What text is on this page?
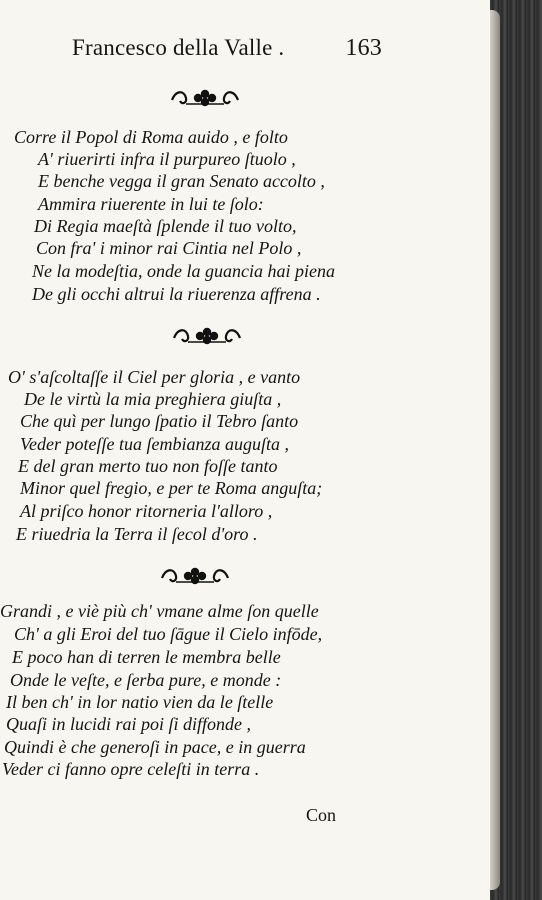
Francesco della Valle .	163
Corre il Popol di Roma auido , e folto
A' riuerirti infra il purpureo ſtuolo ,
E benche vegga il gran Senato accolto ,
Ammira riuerente in lui te ſolo:
Di Regia maeſtà ſplende il tuo volto,
Con fra' i minor rai Cintia nel Polo ,
Ne la modeſtia, onde la guancia hai piena
De gli occhi altrui la riuerenza affrena .
O' s'aſcoltaſſe il Ciel per gloria , e vanto
De le virtù la mia preghiera giuſta ,
Che quì per lungo ſpatio il Tebro ſanto
Veder poteſſe tua ſembianza auguſta ,
E del gran merto tuo non foſſe tanto
Minor quel fregio, e per te Roma anguſta;
Al priſco honor ritorneria l'alloro ,
E riuedria la Terra il ſecol d'oro .
Grandi , e viè più ch' vmane alme ſon quelle
Ch' a gli Eroi del tuo ſāgue il Cielo infōde,
E poco han di terren le membra belle
Onde le veſte, e ſerba pure, e monde :
Il ben ch' in lor natio vien da le ſtelle
Quaſi in lucidi rai poi ſi diffonde ,
Quindi è che generoſi in pace, e in guerra
Veder ci fanno opre celeſti in terra .
Con
